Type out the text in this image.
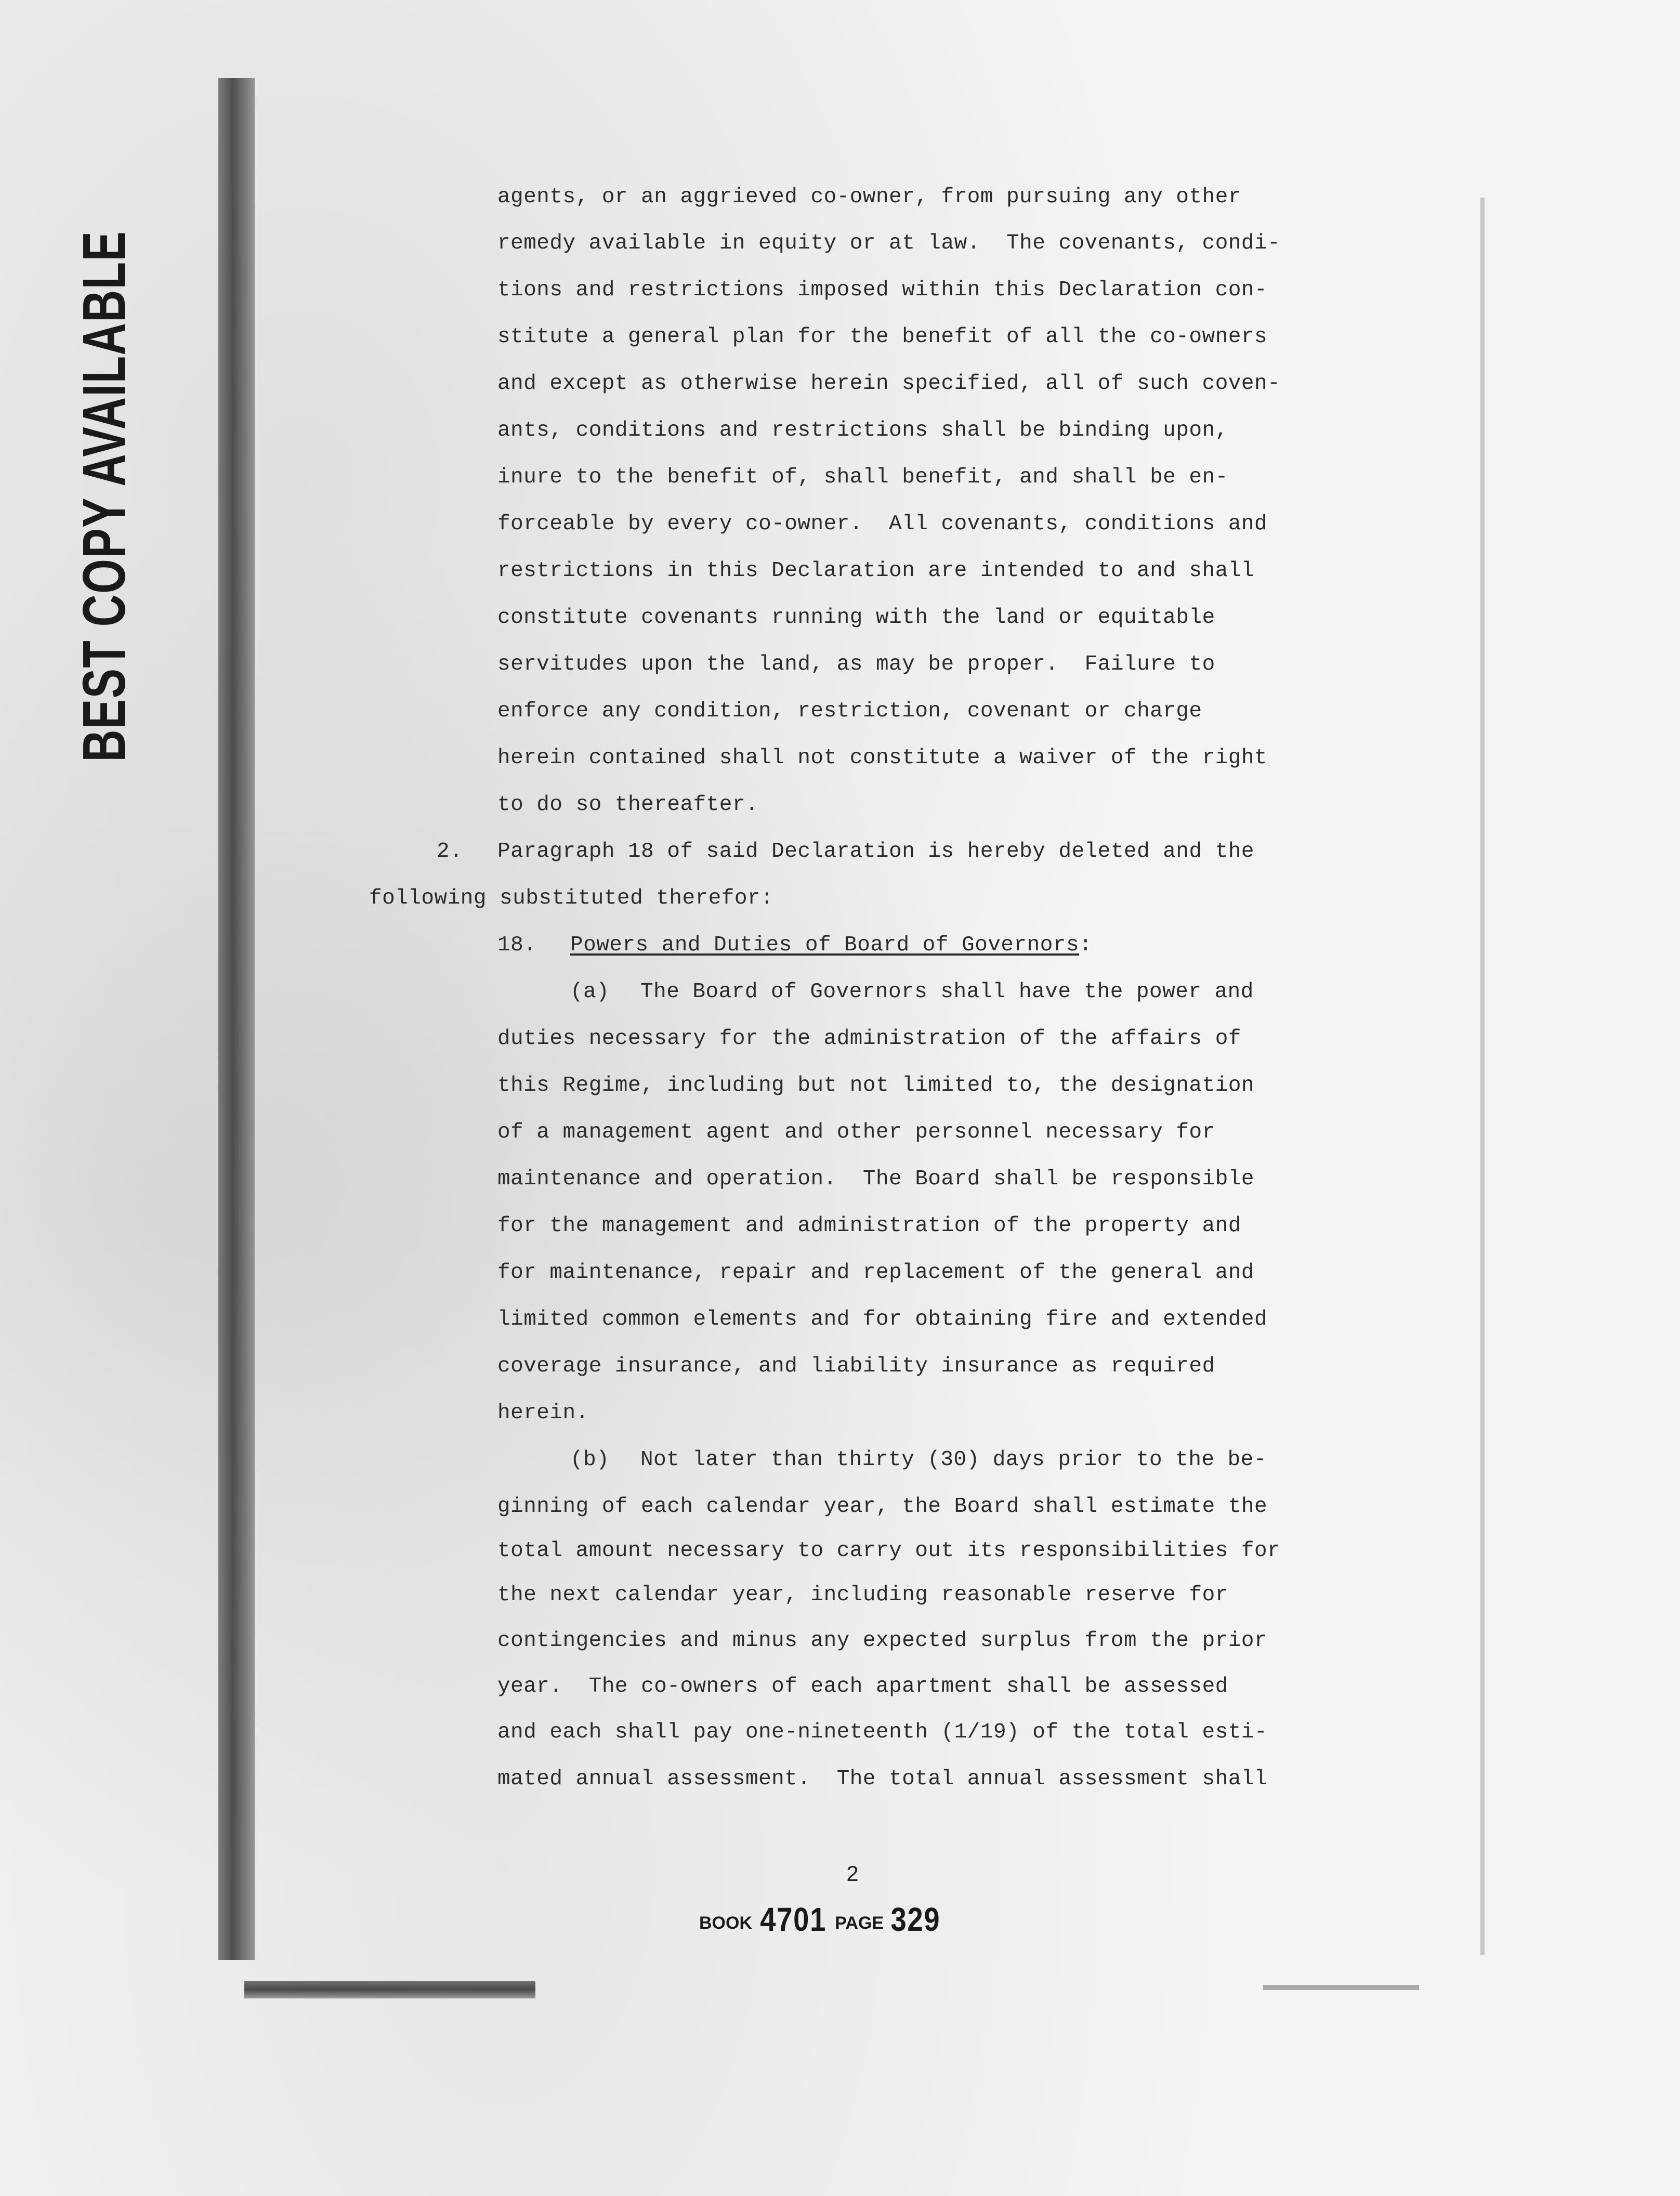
BEST COPY AVAILABLE
agents, or an aggrieved co-owner, from pursuing any other
remedy available in equity or at law.  The covenants, condi-
tions and restrictions imposed within this Declaration con-
stitute a general plan for the benefit of all the co-owners
and except as otherwise herein specified, all of such coven-
ants, conditions and restrictions shall be binding upon,
inure to the benefit of, shall benefit, and shall be en-
forceable by every co-owner.  All covenants, conditions and
restrictions in this Declaration are intended to and shall
constitute covenants running with the land or equitable
servitudes upon the land, as may be proper.  Failure to
enforce any condition, restriction, covenant or charge
herein contained shall not constitute a waiver of the right
to do so thereafter.
2. Paragraph 18 of said Declaration is hereby deleted and the
following substituted therefor:
18. Powers and Duties of Board of Governors:
(a) The Board of Governors shall have the power and
duties necessary for the administration of the affairs of
this Regime, including but not limited to, the designation
of a management agent and other personnel necessary for
maintenance and operation.  The Board shall be responsible
for the management and administration of the property and
for maintenance, repair and replacement of the general and
limited common elements and for obtaining fire and extended
coverage insurance, and liability insurance as required
herein.
(b) Not later than thirty (30) days prior to the be-
ginning of each calendar year, the Board shall estimate the
total amount necessary to carry out its responsibilities for
the next calendar year, including reasonable reserve for
contingencies and minus any expected surplus from the prior
year.  The co-owners of each apartment shall be assessed
and each shall pay one-nineteenth (1/19) of the total esti-
mated annual assessment.  The total annual assessment shall
2
BOOK 4701 PAGE 329
